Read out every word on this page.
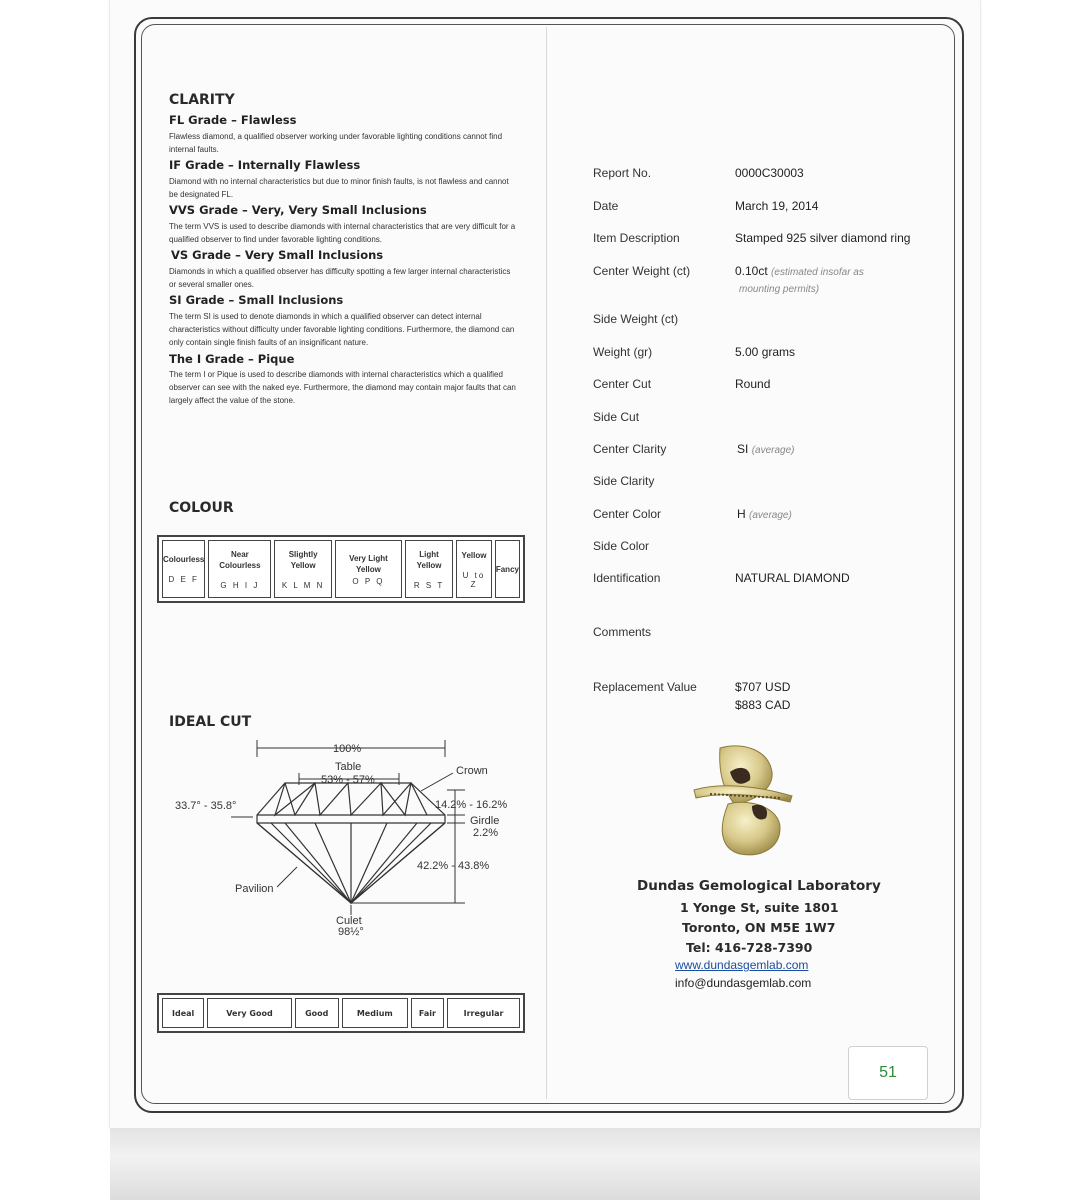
CLARITY

FL Grade – Flawless

Flawless diamond, a qualified observer working under favorable lighting conditions cannot find internal faults.

IF Grade – Internally Flawless

Diamond with no internal characteristics but due to minor finish faults, is not flawless and cannot be designated FL.

VVS Grade – Very, Very Small Inclusions

The term VVS is used to describe diamonds with internal characteristics that are very difficult for a qualified observer to find under favorable lighting conditions.

VS Grade – Very Small Inclusions

Diamonds in which a qualified observer has difficulty spotting a few larger internal characteristics or several smaller ones.

SI Grade – Small Inclusions

The term SI is used to denote diamonds in which a qualified observer can detect internal characteristics without difficulty under favorable lighting conditions. Furthermore, the diamond can only contain single finish faults of an insignificant nature.

The I Grade – Pique

The term I or Pique is used to describe diamonds with internal characteristics which a qualified observer can see with the naked eye. Furthermore, the diamond may contain major faults that can largely affect the value of the stone.

COLOUR

Colourless
D E F

Near Colourless
G H I J

Slightly Yellow
K L M N

Very Light Yellow
O P Q

Light Yellow
R S T

Yellow
U to Z

Fancy

IDEAL CUT

100%
Table
53% - 57%
Crown
33.7° - 35.8°	14.2% - 16.2%
Girdle
2.2%
42.2% - 43.8%
Pavilion
Culet
98½°
Ideal	Very Good	Good	Medium	Fair	Irregular

Report No.	0000C30003

Date	March 19, 2014

Item Description	Stamped 925 silver diamond ring

Center Weight (ct)	0.10ct (estimated insofar as

mounting permits)

Side Weight (ct)

Weight (gr)	5.00 grams

Center Cut	Round

Side Cut

Center Clarity	SI (average)

Side Clarity

Center Color	H (average)

Side Color

Identification	NATURAL DIAMOND

Comments

Replacement Value	$707 USD

$883 CAD

Dundas Gemological Laboratory

1 Yonge St, suite 1801

Toronto, ON M5E 1W7

Tel: 416-728-7390

www.dundasgemlab.com
info@dundasgemlab.com
51
